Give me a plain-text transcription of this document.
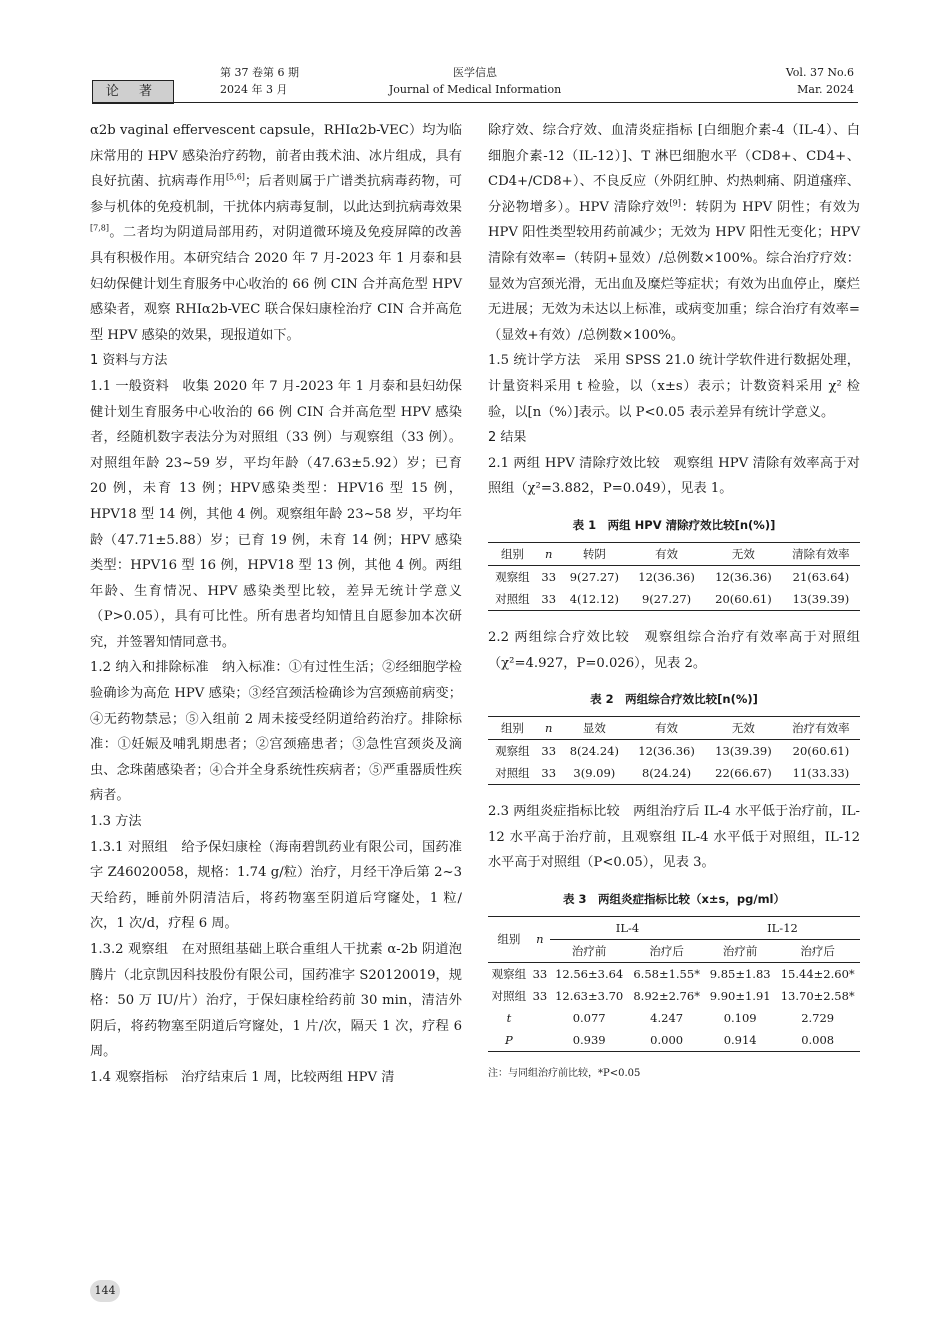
论 著
第 37 卷第 6 期
2024 年 3 月
医学信息
Journal of Medical Information
Vol. 37 No.6
Mar. 2024

α2b vaginal effervescent capsule，RHIα2b-VEC）均为临床常用的 HPV 感染治疗药物，前者由莪术油、冰片组成，具有良好抗菌、抗病毒作用[5,6]；后者则属于广谱类抗病毒药物，可参与机体的免疫机制，干扰体内病毒复制，以此达到抗病毒效果[7,8]。二者均为阴道局部用药，对阴道微环境及免疫屏障的改善具有积极作用。本研究结合 2020 年 7 月-2023 年 1 月泰和县妇幼保健计划生育服务中心收治的 66 例 CIN 合并高危型 HPV 感染者，观察 RHIα2b-VEC 联合保妇康栓治疗 CIN 合并高危型 HPV 感染的效果，现报道如下。

1 资料与方法

1.1 一般资料　收集 2020 年 7 月-2023 年 1 月泰和县妇幼保健计划生育服务中心收治的 66 例 CIN 合并高危型 HPV 感染者，经随机数字表法分为对照组（33 例）与观察组（33 例）。对照组年龄 23~59 岁，平均年龄（47.63±5.92）岁；已育 20 例，未育 13 例；HPV感染类型：HPV16 型 15 例，HPV18 型 14 例，其他 4 例。观察组年龄 23~58 岁，平均年龄（47.71±5.88）岁；已育 19 例，未育 14 例；HPV 感染类型：HPV16 型 16 例，HPV18 型 13 例，其他 4 例。两组年龄、生育情况、HPV 感染类型比较，差异无统计学意义（P>0.05），具有可比性。所有患者均知情且自愿参加本次研究，并签署知情同意书。

1.2 纳入和排除标准　纳入标准：①有过性生活；②经细胞学检验确诊为高危 HPV 感染；③经宫颈活检确诊为宫颈癌前病变；④无药物禁忌；⑤入组前 2 周未接受经阴道给药治疗。排除标准：①妊娠及哺乳期患者；②宫颈癌患者；③急性宫颈炎及滴虫、念珠菌感染者；④合并全身系统性疾病者；⑤严重器质性疾病者。

1.3 方法

1.3.1 对照组　给予保妇康栓（海南碧凯药业有限公司，国药准字 Z46020058，规格：1.74 g/粒）治疗，月经干净后第 2~3 天给药，睡前外阴清洁后，将药物塞至阴道后穹窿处，1 粒/次，1 次/d，疗程 6 周。

1.3.2 观察组　在对照组基础上联合重组人干扰素 α-2b 阴道泡腾片（北京凯因科技股份有限公司，国药准字 S20120019，规格：50 万 IU/片）治疗，于保妇康栓给药前 30 min，清洁外阴后，将药物塞至阴道后穹窿处，1 片/次，隔天 1 次，疗程 6 周。

1.4 观察指标　治疗结束后 1 周，比较两组 HPV 清

除疗效、综合疗效、血清炎症指标 [白细胞介素-4（IL-4）、白细胞介素-12（IL-12）]、T 淋巴细胞水平（CD8+、CD4+、CD4+/CD8+）、不良反应（外阴红肿、灼热刺痛、阴道瘙痒、分泌物增多）。HPV 清除疗效[9]：转阴为 HPV 阴性；有效为 HPV 阳性类型较用药前减少；无效为 HPV 阳性无变化；HPV 清除有效率=（转阴+显效）/总例数×100%。综合治疗疗效：显效为宫颈光滑，无出血及糜烂等症状；有效为出血停止，糜烂无进展；无效为未达以上标准，或病变加重；综合治疗有效率=（显效+有效）/总例数×100%。

1.5 统计学方法　采用 SPSS 21.0 统计学软件进行数据处理，计量资料采用 t 检验，以（x±s）表示；计数资料采用 χ² 检验，以[n（%）]表示。以 P<0.05 表示差异有统计学意义。

2 结果

2.1 两组 HPV 清除疗效比较　观察组 HPV 清除有效率高于对照组（χ²=3.882，P=0.049），见表 1。

表 1　两组 HPV 清除疗效比较[n(%)]
组别	n	转阴	有效	无效	清除有效率
观察组	33	9(27.27)	12(36.36)	12(36.36)	21(63.64)
对照组	33	4(12.12)	9(27.27)	20(60.61)	13(39.39)

2.2 两组综合疗效比较　观察组综合治疗有效率高于对照组（χ²=4.927，P=0.026），见表 2。

表 2　两组综合疗效比较[n(%)]
组别	n	显效	有效	无效	治疗有效率
观察组	33	8(24.24)	12(36.36)	13(39.39)	20(60.61)
对照组	33	3(9.09)	8(24.24)	22(66.67)	11(33.33)

2.3 两组炎症指标比较　两组治疗后 IL-4 水平低于治疗前，IL-12 水平高于治疗前，且观察组 IL-4 水平低于对照组，IL-12 水平高于对照组（P<0.05），见表 3。

表 3　两组炎症指标比较（x±s，pg/ml）
组别	n	IL-4		IL-12	
		治疗前	治疗后	治疗前	治疗后
观察组	33	12.56±3.64	6.58±1.55*	9.85±1.83	15.44±2.60*
对照组	33	12.63±3.70	8.92±2.76*	9.90±1.91	13.70±2.58*
t		0.077	4.247	0.109	2.729
P		0.939	0.000	0.914	0.008
注：与同组治疗前比较，*P<0.05
144
